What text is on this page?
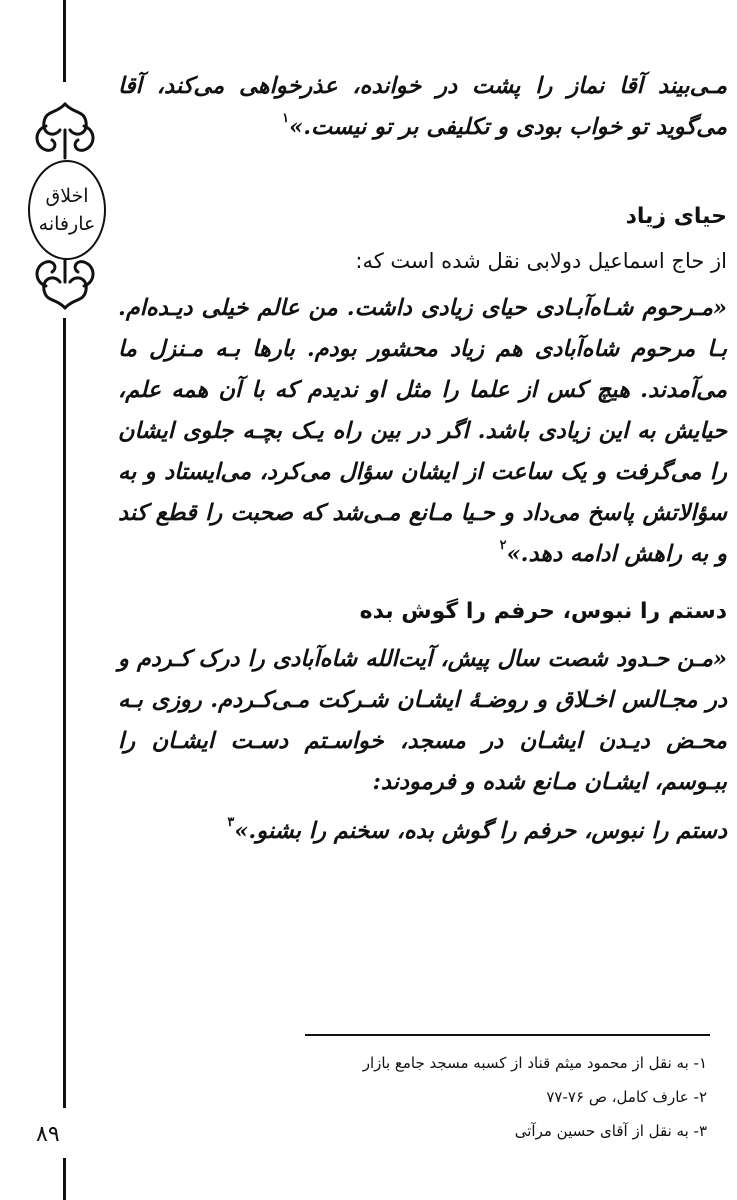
اخلاق
عارفانه
۸۹

مـی‌بیند آقا نماز را پشت در خوانده، عذرخواهی می‌کند، آقا می‌گوید تو خواب بودی و تکلیفی بر تو نیست.»$^۱$

حیای زیاد

از حاج اسماعیل دولابی نقل شده است که:

«مـرحوم شـاه‌آبـادی حیای زیادی داشت. من عالم خیلی دیـده‌ام. بـا مرحوم شاه‌آبادی هم زیاد محشور بودم. بارها بـه مـنزل ما می‌آمدند. هیچ کس از علما را مثل او ندیدم که با آن همه علم، حیایش به این زیادی باشد. اگر در بین راه یـک بچـه جلوی ایشان را می‌گرفت و یک ساعت از ایشان سؤال می‌کرد، می‌ایستاد و به سؤالاتش پاسخ می‌داد و حـیا مـانع مـی‌شد که صحبت را قطع کند و به راهش ادامه دهد.»$^۲$

دستم را نبوس، حرفم را گوش بده

«مـن حـدود شصت سال پیش، آیت‌الله شاه‌آبادی را درک کـردم و در مجـالس اخـلاق و روضـهٔ ایشـان شـرکت مـی‌کـردم. روزی بـه محـض دیـدن ایشـان در مسجد، خواسـتم دسـت ایشـان را ببـوسم، ایشـان مـانع شده و فرمودند:

دستم را نبوس، حرفم را گوش بده، سخنم را بشنو.»$^۳$

۱- به نقل از محمود میثم قناد از کسبه مسجد جامع بازار
۲- عارف کامل، ص ۷۶-۷۷
۳- به نقل از آقای حسین مرآتی
